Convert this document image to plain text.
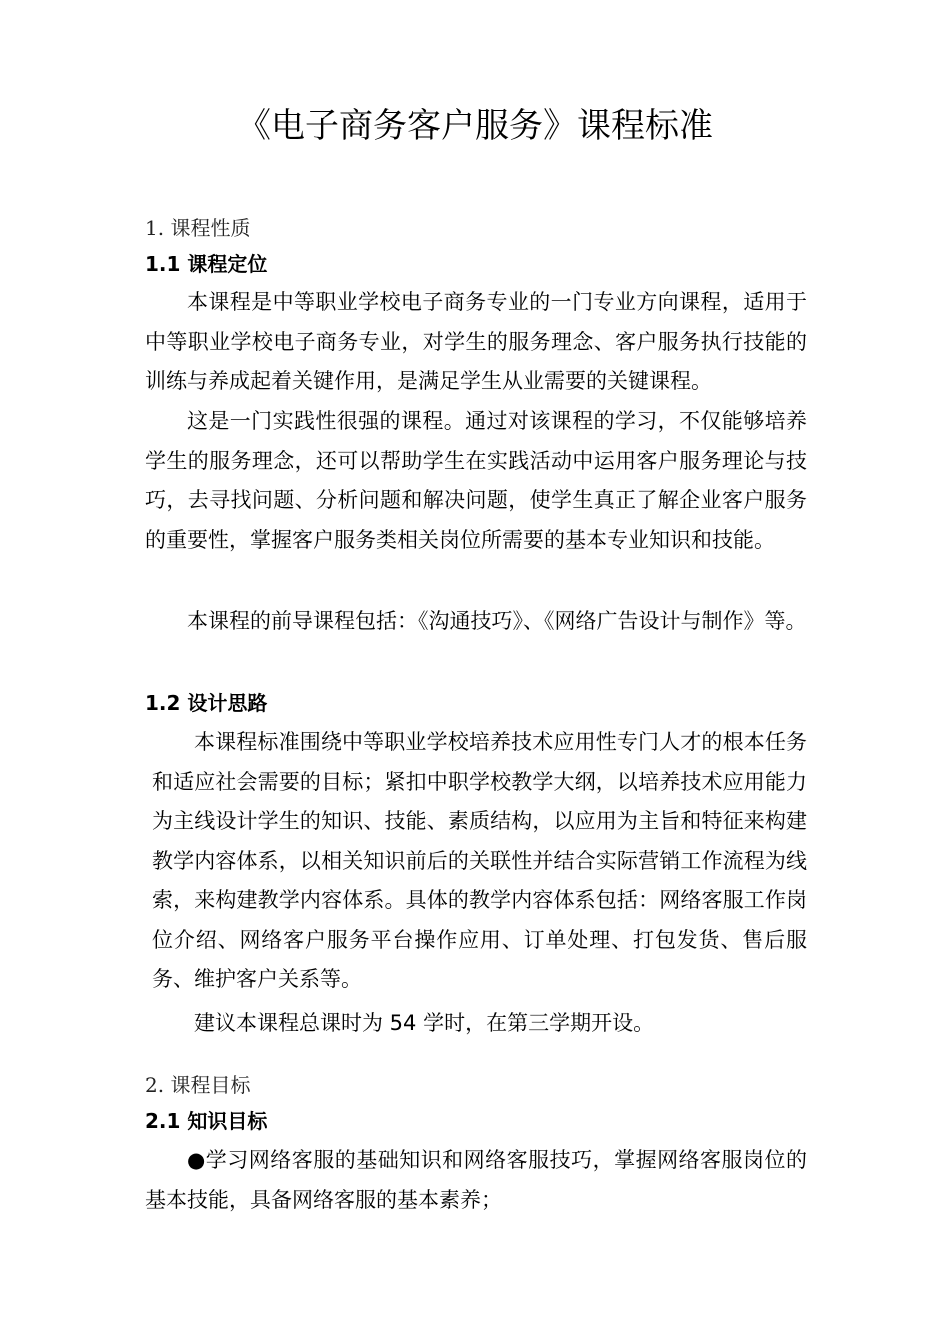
《电子商务客户服务》课程标准
1. 课程性质
1.1 课程定位

本课程是中等职业学校电子商务专业的一门专业方向课程，适用于中等职业学校电子商务专业，对学生的服务理念、客户服务执行技能的训练与养成起着关键作用，是满足学生从业需要的关键课程。

这是一门实践性很强的课程。通过对该课程的学习，不仅能够培养学生的服务理念，还可以帮助学生在实践活动中运用客户服务理论与技巧，去寻找问题、分析问题和解决问题，使学生真正了解企业客户服务的重要性，掌握客户服务类相关岗位所需要的基本专业知识和技能。

本课程的前导课程包括：《沟通技巧》、《网络广告设计与制作》等。

1.2 设计思路

本课程标准围绕中等职业学校培养技术应用性专门人才的根本任务和适应社会需要的目标；紧扣中职学校教学大纲，以培养技术应用能力为主线设计学生的知识、技能、素质结构，以应用为主旨和特征来构建教学内容体系，以相关知识前后的关联性并结合实际营销工作流程为线索，来构建教学内容体系。具体的教学内容体系包括：网络客服工作岗位介绍、网络客户服务平台操作应用、订单处理、打包发货、售后服务、维护客户关系等。

建议本课程总课时为 54 学时，在第三学期开设。

2. 课程目标
2.1 知识目标

●学习网络客服的基础知识和网络客服技巧，掌握网络客服岗位的基本技能，具备网络客服的基本素养；
